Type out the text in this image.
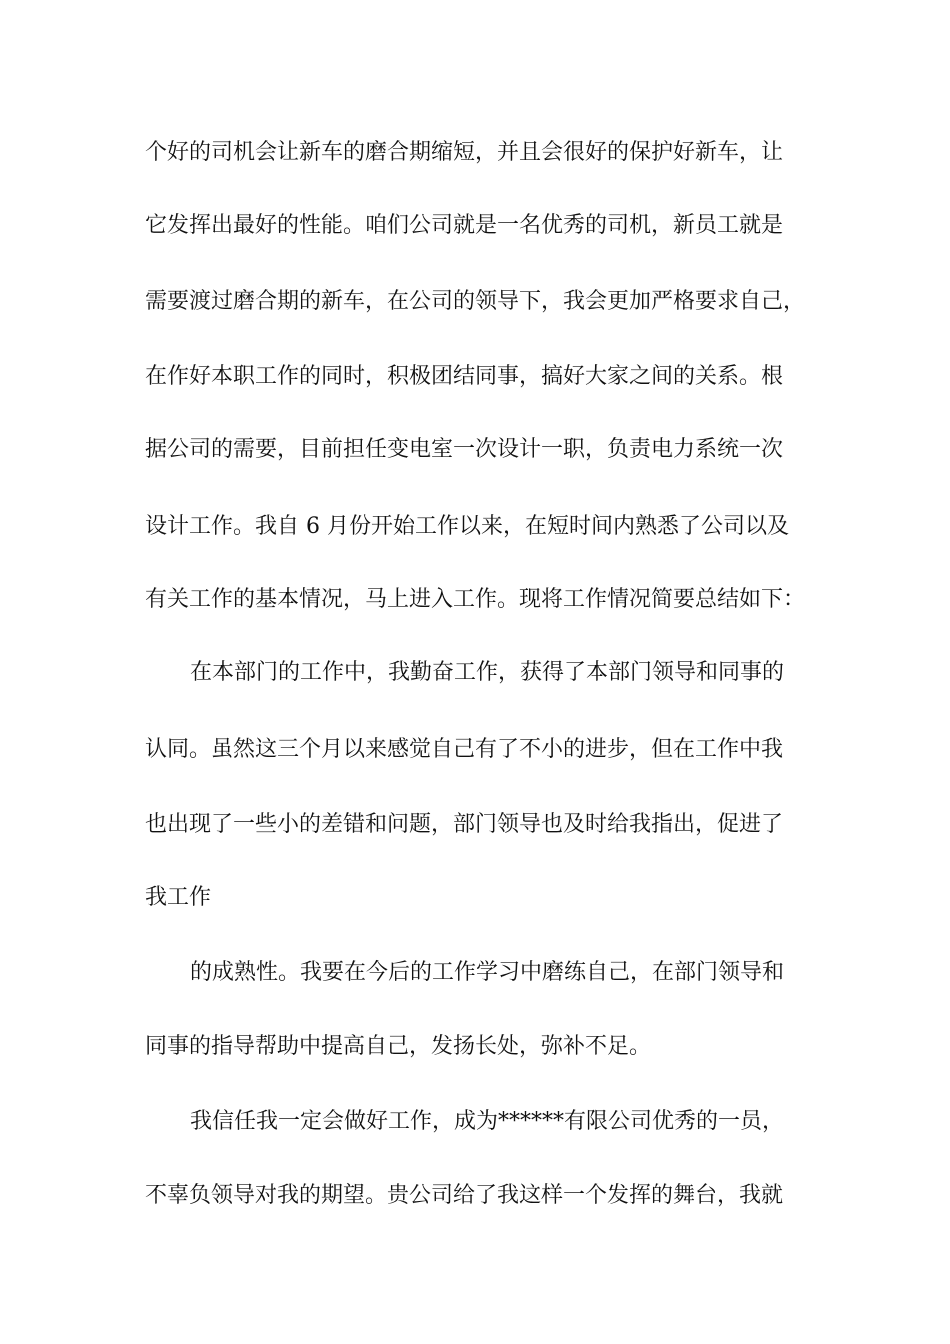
个好的司机会让新车的磨合期缩短，并且会很好的保护好新车，让
它发挥出最好的性能。咱们公司就是一名优秀的司机，新员工就是
需要渡过磨合期的新车，在公司的领导下，我会更加严格要求自己，
在作好本职工作的同时，积极团结同事，搞好大家之间的关系。根
据公司的需要，目前担任变电室一次设计一职，负责电力系统一次
设计工作。我自 6 月份开始工作以来，在短时间内熟悉了公司以及
有关工作的基本情况，马上进入工作。现将工作情况简要总结如下：
在本部门的工作中，我勤奋工作，获得了本部门领导和同事的
认同。虽然这三个月以来感觉自己有了不小的进步，但在工作中我
也出现了一些小的差错和问题，部门领导也及时给我指出，促进了
我工作
的成熟性。我要在今后的工作学习中磨练自己，在部门领导和
同事的指导帮助中提高自己，发扬长处，弥补不足。
我信任我一定会做好工作，成为******有限公司优秀的一员，
不辜负领导对我的期望。贵公司给了我这样一个发挥的舞台，我就
